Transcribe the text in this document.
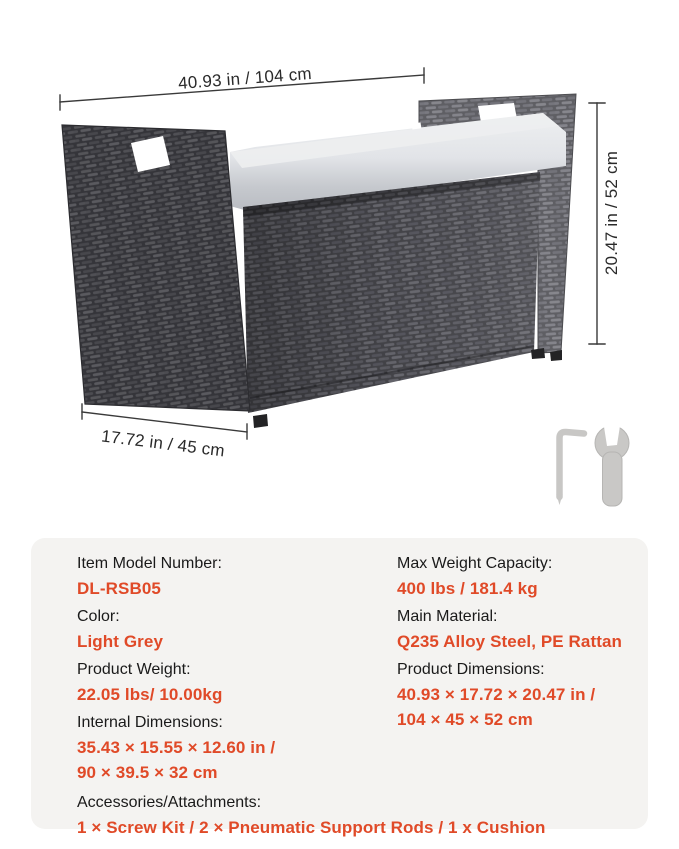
40.93 in / 104 cm
20.47 in / 52 cm
17.72 in / 45 cm
Item Model Number:
DL-RSB05
Color:
Light Grey
Product Weight:
22.05 lbs/ 10.00kg
Internal Dimensions:
35.43 × 15.55 × 12.60 in /
90 × 39.5 × 32 cm
Max Weight Capacity:
400 lbs / 181.4 kg
Main Material:
Q235 Alloy Steel, PE Rattan
Product Dimensions:
40.93 × 17.72 × 20.47 in /
104 × 45 × 52 cm
Accessories/Attachments:
1 × Screw Kit / 2 × Pneumatic Support Rods / 1 x Cushion
